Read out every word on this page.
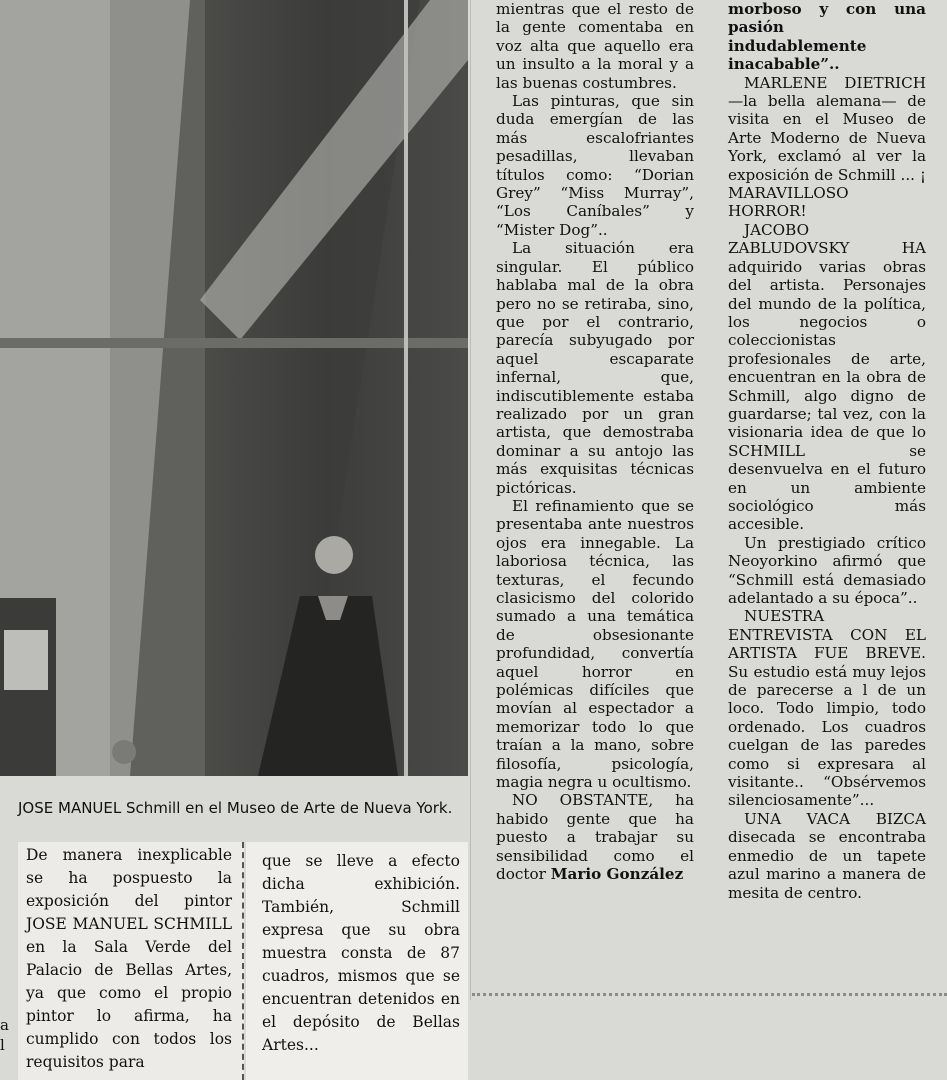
JOSE MANUEL Schmill en el Museo de Arte de Nueva York.

mientras que el resto de la gente comentaba en voz alta que aquello era un insulto a la moral y a las buenas costumbres.

Las pinturas, que sin duda emergían de las más escalofriantes pesadillas, llevaban títulos como: “Dorian Grey” “Miss Murray”, “Los Caníbales” y “Mister Dog”..

La situación era singular. El público hablaba mal de la obra pero no se retiraba, sino, que por el contrario, parecía subyugado por aquel escaparate infernal, que, indiscutiblemente estaba realizado por un gran artista, que demostraba dominar a su antojo las más exquisitas técnicas pictóricas.

El refinamiento que se presentaba ante nuestros ojos era innegable. La laboriosa técnica, las texturas, el fecundo clasicismo del colorido sumado a una temática de obsesionante profundidad, convertía aquel horror en polémicas difíciles que movían al espectador a memorizar todo lo que traían a la mano, sobre filosofía, psicología, magia negra u ocultismo.

NO OBSTANTE, ha habido gente que ha puesto a trabajar su sensibilidad como el doctor Mario González

morboso y con una pasión indudablemente inacabable”..

MARLENE DIETRICH —la bella alemana— de visita en el Museo de Arte Moderno de Nueva York, exclamó al ver la exposición de Schmill ... ¡ MARAVILLOSO HORROR!

JACOBO ZABLUDOVSKY HA adquirido varias obras del artista. Personajes del mundo de la política, los negocios o coleccionistas profesionales de arte, encuentran en la obra de Schmill, algo digno de guardarse; tal vez, con la visionaria idea de que lo SCHMILL se desenvuelva en el futuro en un ambiente sociológico más accesible.

Un prestigiado crítico Neoyorkino afirmó que “Schmill está demasiado adelantado a su época”..

NUESTRA ENTREVISTA CON EL ARTISTA FUE BREVE. Su estudio está muy lejos de parecerse a l de un loco. Todo limpio, todo ordenado. Los cuadros cuelgan de las paredes como si expresara al visitante.. “Obsérvemos silenciosamente”...

UNA VACA BIZCA disecada se encontraba enmedio de un tapete azul marino a manera de mesita de centro.

De manera inexplicable se ha pospuesto la exposición del pintor JOSE MANUEL SCHMILL en la Sala Verde del Palacio de Bellas Artes, ya que como el propio pintor lo afirma, ha cumplido con todos los requisitos para

que se lleve a efecto dicha exhibición. También, Schmill expresa que su obra muestra consta de 87 cuadros, mismos que se encuentran detenidos en el depósito de Bellas Artes...

a l
